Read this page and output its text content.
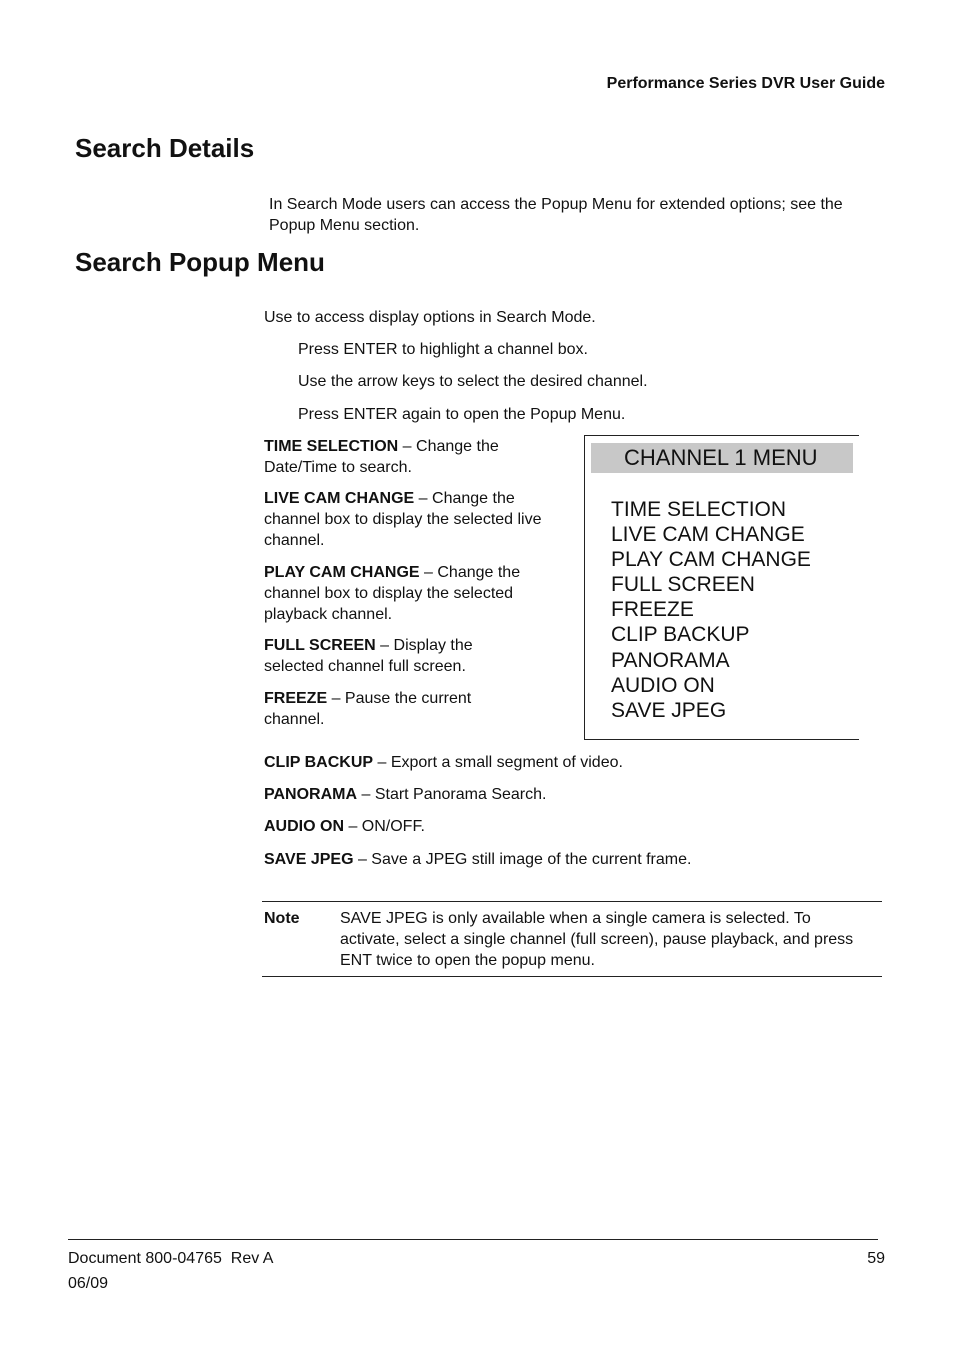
Performance Series DVR User Guide
Search Details
In Search Mode users can access the Popup Menu for extended options; see the Popup Menu section.
Search Popup Menu
Use to access display options in Search Mode.
Press ENTER to highlight a channel box.
Use the arrow keys to select the desired channel.
Press ENTER again to open the Popup Menu.
TIME SELECTION – Change the Date/Time to search.
LIVE CAM CHANGE – Change the channel box to display the selected live channel.
PLAY CAM CHANGE – Change the channel box to display the selected playback channel.
FULL SCREEN – Display the selected channel full screen.
FREEZE – Pause the current channel.
CHANNEL 1 MENU
TIME SELECTION
LIVE CAM CHANGE
PLAY CAM CHANGE
FULL SCREEN
FREEZE
CLIP BACKUP
PANORAMA
AUDIO ON
SAVE JPEG
CLIP BACKUP – Export a small segment of video.
PANORAMA – Start Panorama Search.
AUDIO ON – ON/OFF.
SAVE JPEG – Save a JPEG still image of the current frame.
Note	SAVE JPEG is only available when a single camera is selected. To activate, select a single channel (full screen), pause playback, and press ENT twice to open the popup menu.
Document 800-04765  Rev A
06/09
59
